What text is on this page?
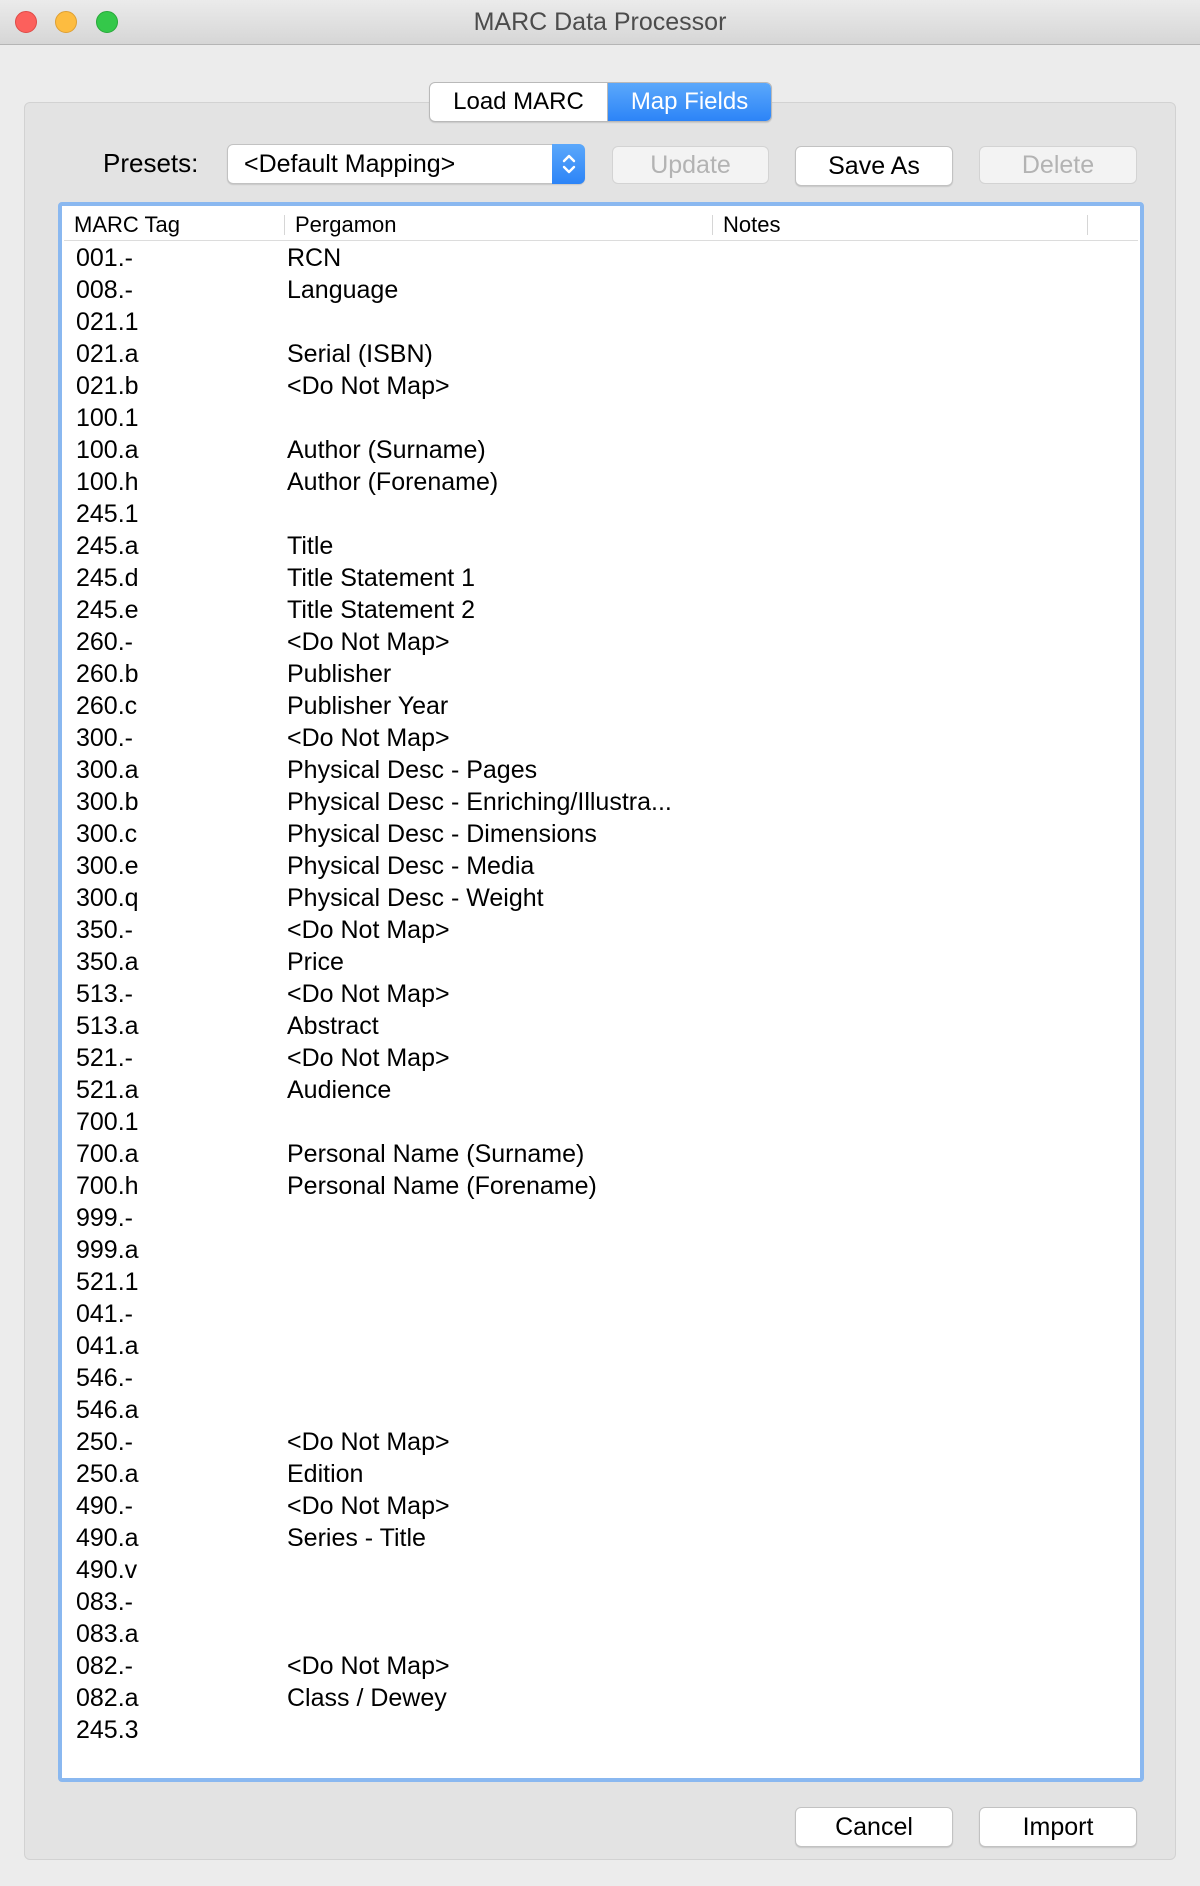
MARC Data Processor
Load MARC	Map Fields
Presets: <Default Mapping>	Update	Save As	Delete
MARC Tag	Pergamon	Notes
001.-	RCN
008.-	Language
021.1
021.a	Serial (ISBN)
021.b	<Do Not Map>
100.1
100.a	Author (Surname)
100.h	Author (Forename)
245.1
245.a	Title
245.d	Title Statement 1
245.e	Title Statement 2
260.-	<Do Not Map>
260.b	Publisher
260.c	Publisher Year
300.-	<Do Not Map>
300.a	Physical Desc - Pages
300.b	Physical Desc - Enriching/Illustra...
300.c	Physical Desc - Dimensions
300.e	Physical Desc - Media
300.q	Physical Desc - Weight
350.-	<Do Not Map>
350.a	Price
513.-	<Do Not Map>
513.a	Abstract
521.-	<Do Not Map>
521.a	Audience
700.1
700.a	Personal Name (Surname)
700.h	Personal Name (Forename)
999.-
999.a
521.1
041.-
041.a
546.-
546.a
250.-	<Do Not Map>
250.a	Edition
490.-	<Do Not Map>
490.a	Series - Title
490.v
083.-
083.a
082.-	<Do Not Map>
082.a	Class / Dewey
245.3
Cancel	Import
